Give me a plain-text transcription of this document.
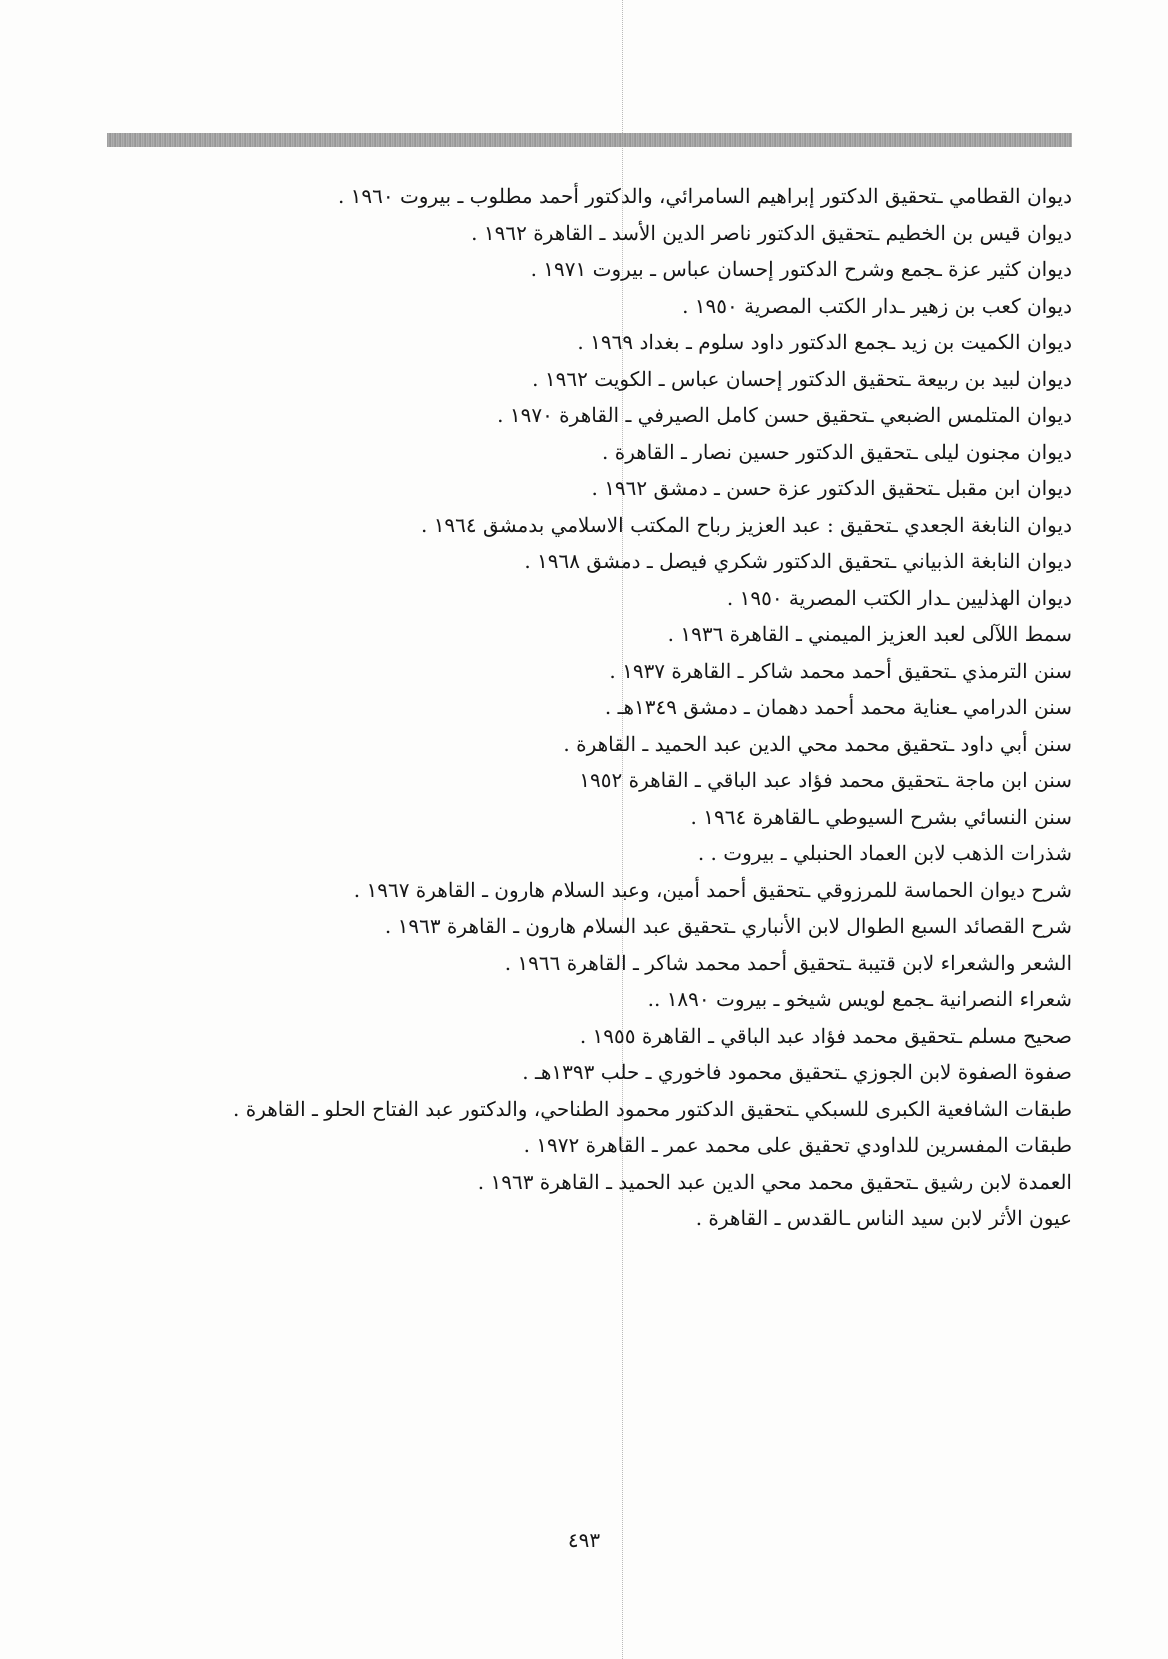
ديوان القطامي ـتحقيق الدكتور إبراهيم السامرائي، والدكتور أحمد مطلوب ـ بيروت ١٩٦٠ .
ديوان قيس بن الخطيم ـتحقيق الدكتور ناصر الدين الأسد ـ القاهرة ١٩٦٢ .
ديوان كثير عزة ـجمع وشرح الدكتور إحسان عباس ـ بيروت ١٩٧١ .
ديوان كعب بن زهير ـدار الكتب المصرية ١٩٥٠ .
ديوان الكميت بن زيد ـجمع الدكتور داود سلوم ـ بغداد ١٩٦٩ .
ديوان لبيد بن ربيعة ـتحقيق الدكتور إحسان عباس ـ الكويت ١٩٦٢ .
ديوان المتلمس الضبعي ـتحقيق حسن كامل الصيرفي ـ القاهرة ١٩٧٠ .
ديوان مجنون ليلى ـتحقيق الدكتور حسين نصار ـ القاهرة .
ديوان ابن مقبل ـتحقيق الدكتور عزة حسن ـ دمشق ١٩٦٢ .
ديوان النابغة الجعدي ـتحقيق : عبد العزيز رباح المكتب الاسلامي بدمشق ١٩٦٤ .
ديوان النابغة الذبياني ـتحقيق الدكتور شكري فيصل ـ دمشق ١٩٦٨ .
ديوان الهذليين ـدار الكتب المصرية ١٩٥٠ .
سمط اللآلى لعبد العزيز الميمني ـ القاهرة ١٩٣٦ .
سنن الترمذي ـتحقيق أحمد محمد شاكر ـ القاهرة ١٩٣٧ .
سنن الدرامي ـعناية محمد أحمد دهمان ـ دمشق ١٣٤٩هـ .
سنن أبي داود ـتحقيق محمد محي الدين عبد الحميد ـ القاهرة .
سنن ابن ماجة ـتحقيق محمد فؤاد عبد الباقي ـ القاهرة ١٩٥٢
سنن النسائي بشرح السيوطي ـالقاهرة ١٩٦٤ .
شذرات الذهب لابن العماد الحنبلي ـ بيروت . .
شرح ديوان الحماسة للمرزوقي ـتحقيق أحمد أمين، وعبد السلام هارون ـ القاهرة ١٩٦٧ .
شرح القصائد السبع الطوال لابن الأنباري ـتحقيق عبد السلام هارون ـ القاهرة ١٩٦٣ .
الشعر والشعراء لابن قتيبة ـتحقيق أحمد محمد شاكر ـ القاهرة ١٩٦٦ .
شعراء النصرانية ـجمع لويس شيخو ـ بيروت ١٨٩٠ ..
صحيح مسلم ـتحقيق محمد فؤاد عبد الباقي ـ القاهرة ١٩٥٥ .
صفوة الصفوة لابن الجوزي ـتحقيق محمود فاخوري ـ حلب ١٣٩٣هـ .
طبقات الشافعية الكبرى للسبكي ـتحقيق الدكتور محمود الطناحي، والدكتور عبد الفتاح الحلو ـ القاهرة .
طبقات المفسرين للداودي تحقيق على محمد عمر ـ القاهرة ١٩٧٢ .
العمدة لابن رشيق ـتحقيق محمد محي الدين عبد الحميد ـ القاهرة ١٩٦٣ .
عيون الأثر لابن سيد الناس ـالقدس ـ القاهرة .
٤٩٣
